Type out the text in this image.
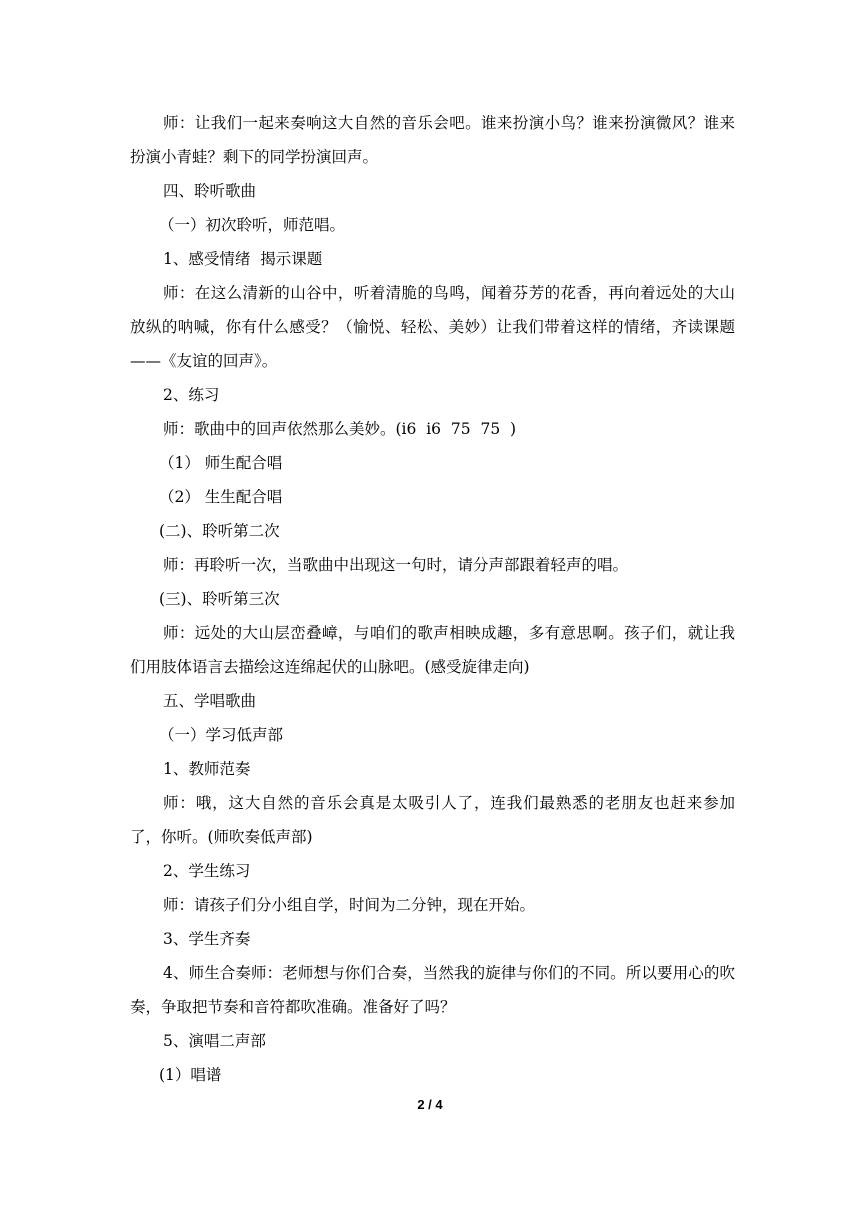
师：让我们一起来奏响这大自然的音乐会吧。谁来扮演小鸟？谁来扮演微风？谁来扮演小青蛙？剩下的同学扮演回声。

四、聆听歌曲

（一）初次聆听，师范唱。

1、感受情绪  揭示课题

师：在这么清新的山谷中，听着清脆的鸟鸣，闻着芬芳的花香，再向着远处的大山放纵的呐喊，你有什么感受？（愉悦、轻松、美妙）让我们带着这样的情绪，齐读课题——《友谊的回声》。

2、练习

师：歌曲中的回声依然那么美妙。(i6  i6  75  75  )

（1） 师生配合唱

（2） 生生配合唱

(二)、聆听第二次

师：再聆听一次，当歌曲中出现这一句时，请分声部跟着轻声的唱。

(三)、聆听第三次

师：远处的大山层峦叠嶂，与咱们的歌声相映成趣，多有意思啊。孩子们，就让我们用肢体语言去描绘这连绵起伏的山脉吧。(感受旋律走向)

五、学唱歌曲

（一）学习低声部

1、教师范奏

师：哦，这大自然的音乐会真是太吸引人了，连我们最熟悉的老朋友也赶来参加了，你听。(师吹奏低声部)

2、学生练习

师：请孩子们分小组自学，时间为二分钟，现在开始。

3、学生齐奏

4、师生合奏师：老师想与你们合奏，当然我的旋律与你们的不同。所以要用心的吹奏，争取把节奏和音符都吹准确。准备好了吗？

5、演唱二声部

(1）唱谱

2 / 4
